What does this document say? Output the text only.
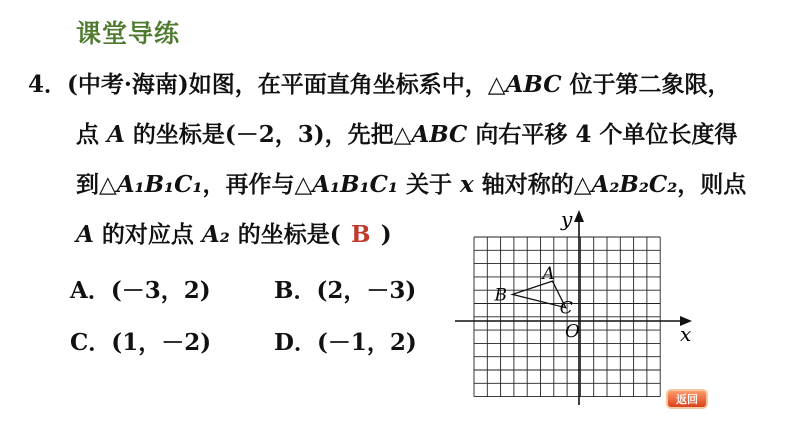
课堂导练
4．(中考·海南)如图，在平面直角坐标系中，△ABC 位于第二象限，
点 A 的坐标是(－2，3)，先把△ABC 向右平移 4 个单位长度得
到△A₁B₁C₁，再作与△A₁B₁C₁ 关于 x 轴对称的△A₂B₂C₂，则点
A 的对应点 A₂ 的坐标是( B )
A．(－3，2)	B．(2，－3)
C．(1，－2)	D．(－1，2)
y
x
O
A
B
C
返回
